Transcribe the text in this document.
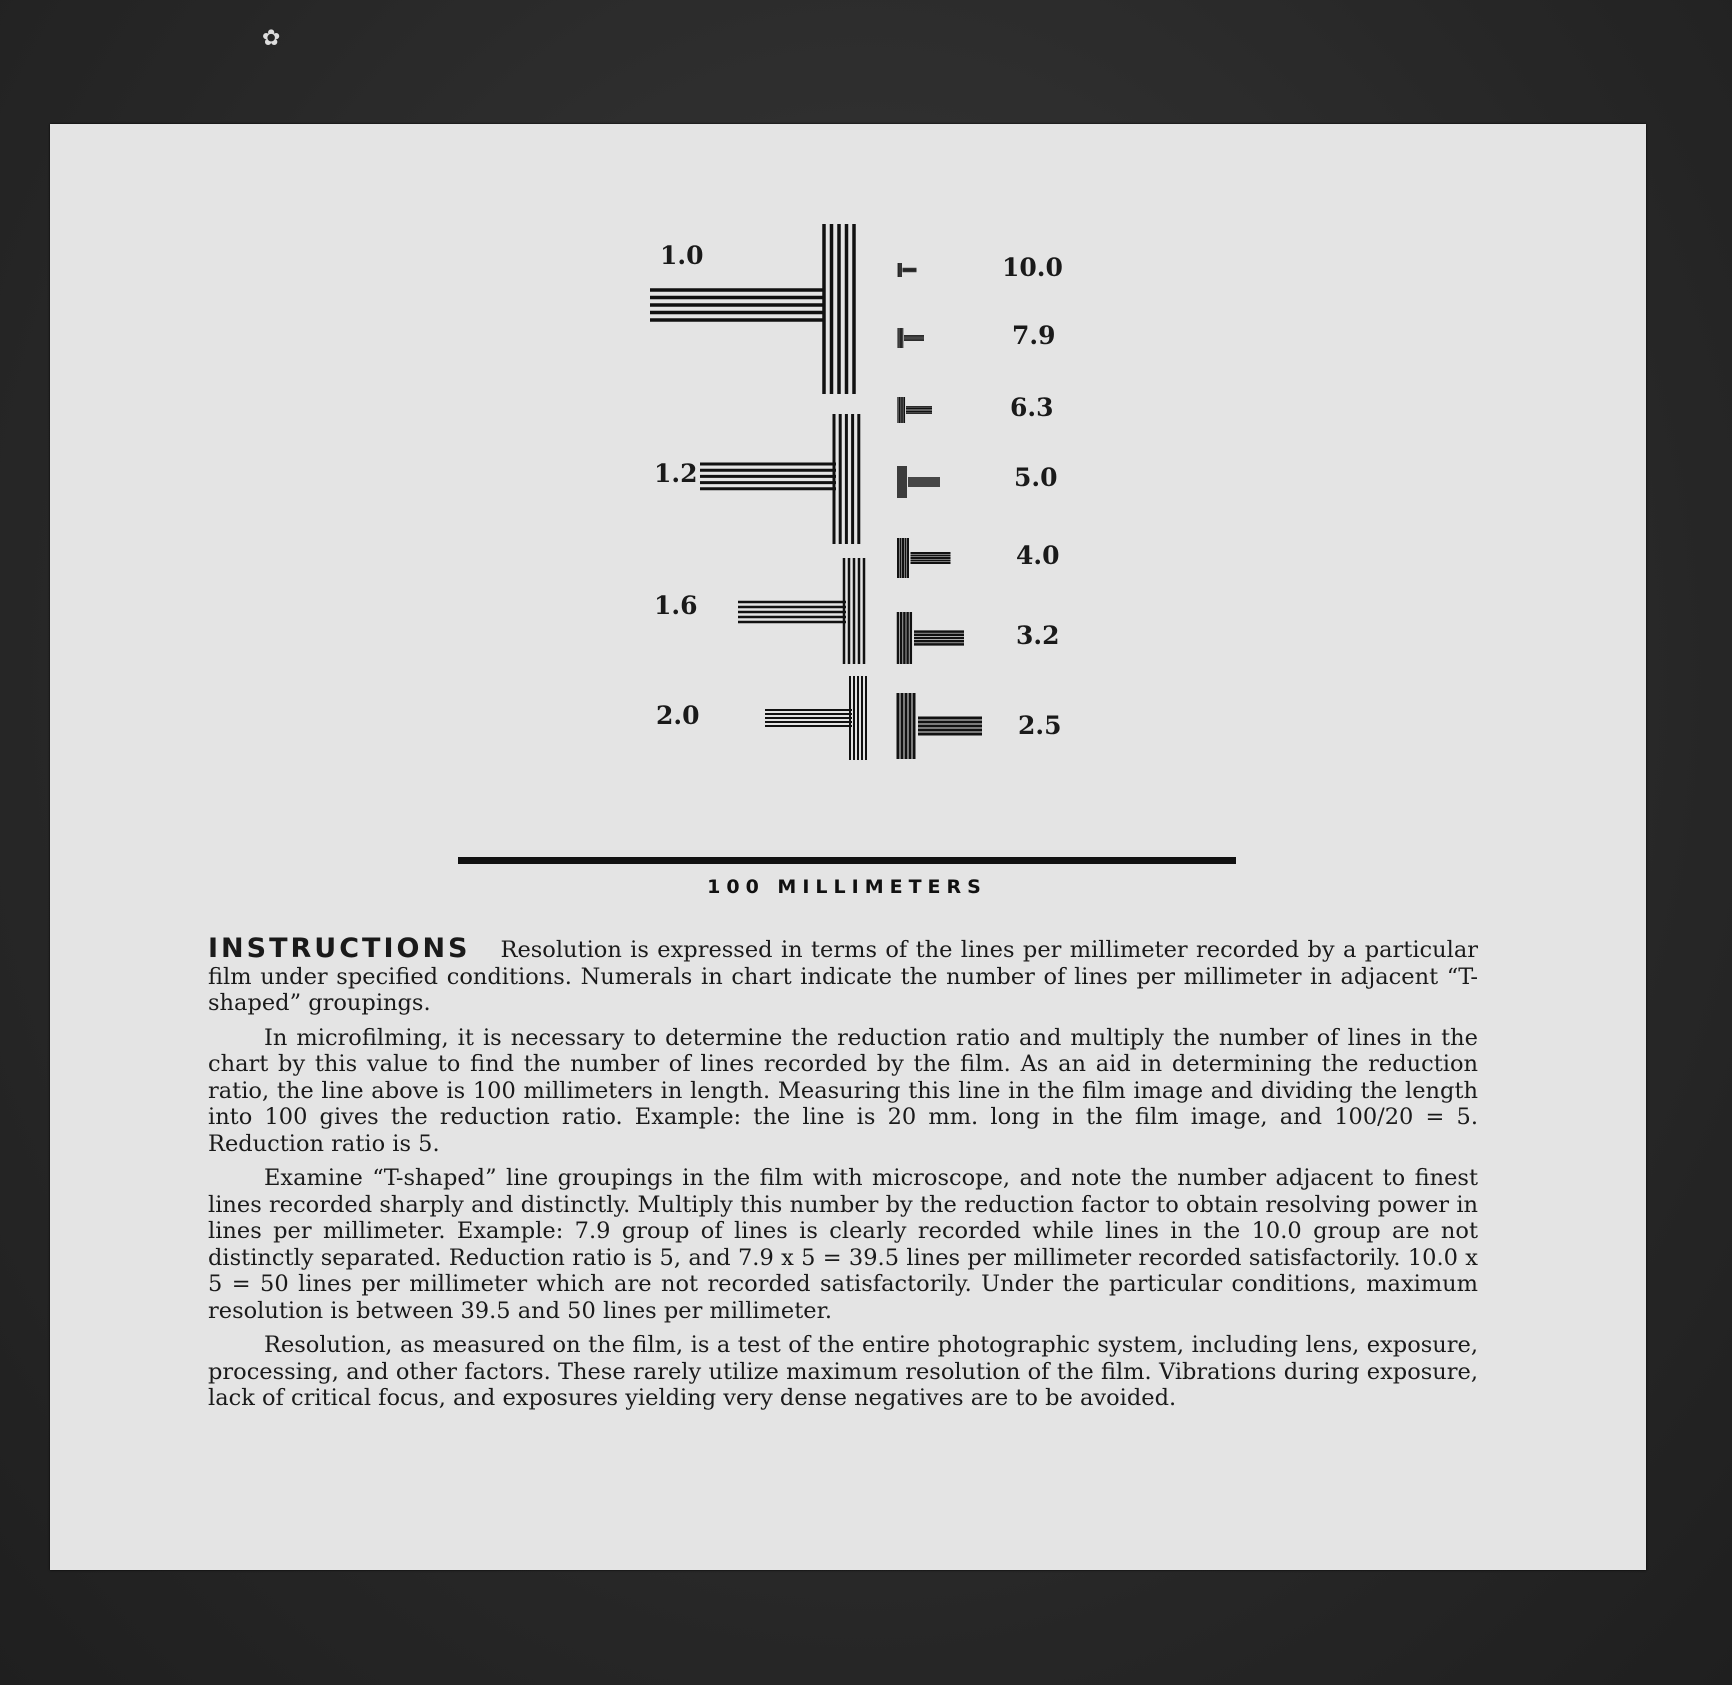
✿
1.0
1.2
1.6
2.0
10.0
7.9
6.3
5.0
4.0
3.2
2.5
100 MILLIMETERS

INSTRUCTIONS Resolution is expressed in terms of the lines per millimeter recorded by a particular film under specified conditions. Numerals in chart indicate the number of lines per millimeter in adjacent “T-shaped” groupings.

In microfilming, it is necessary to determine the reduction ratio and multiply the number of lines in the chart by this value to find the number of lines recorded by the film. As an aid in determining the reduction ratio, the line above is 100 millimeters in length. Measuring this line in the film image and dividing the length into 100 gives the reduction ratio. Example: the line is 20 mm. long in the film image, and 100/20 = 5. Reduction ratio is 5.

Examine “T-shaped” line groupings in the film with microscope, and note the number adjacent to finest lines recorded sharply and distinctly. Multiply this number by the reduction factor to obtain resolving power in lines per millimeter. Example: 7.9 group of lines is clearly recorded while lines in the 10.0 group are not distinctly separated. Reduction ratio is 5, and 7.9 x 5 = 39.5 lines per millimeter recorded satisfactorily. 10.0 x 5 = 50 lines per millimeter which are not recorded satisfactorily. Under the particular conditions, maximum resolution is between 39.5 and 50 lines per millimeter.

Resolution, as measured on the film, is a test of the entire photographic system, including lens, exposure, processing, and other factors. These rarely utilize maximum resolution of the film. Vibrations during exposure, lack of critical focus, and exposures yielding very dense negatives are to be avoided.
